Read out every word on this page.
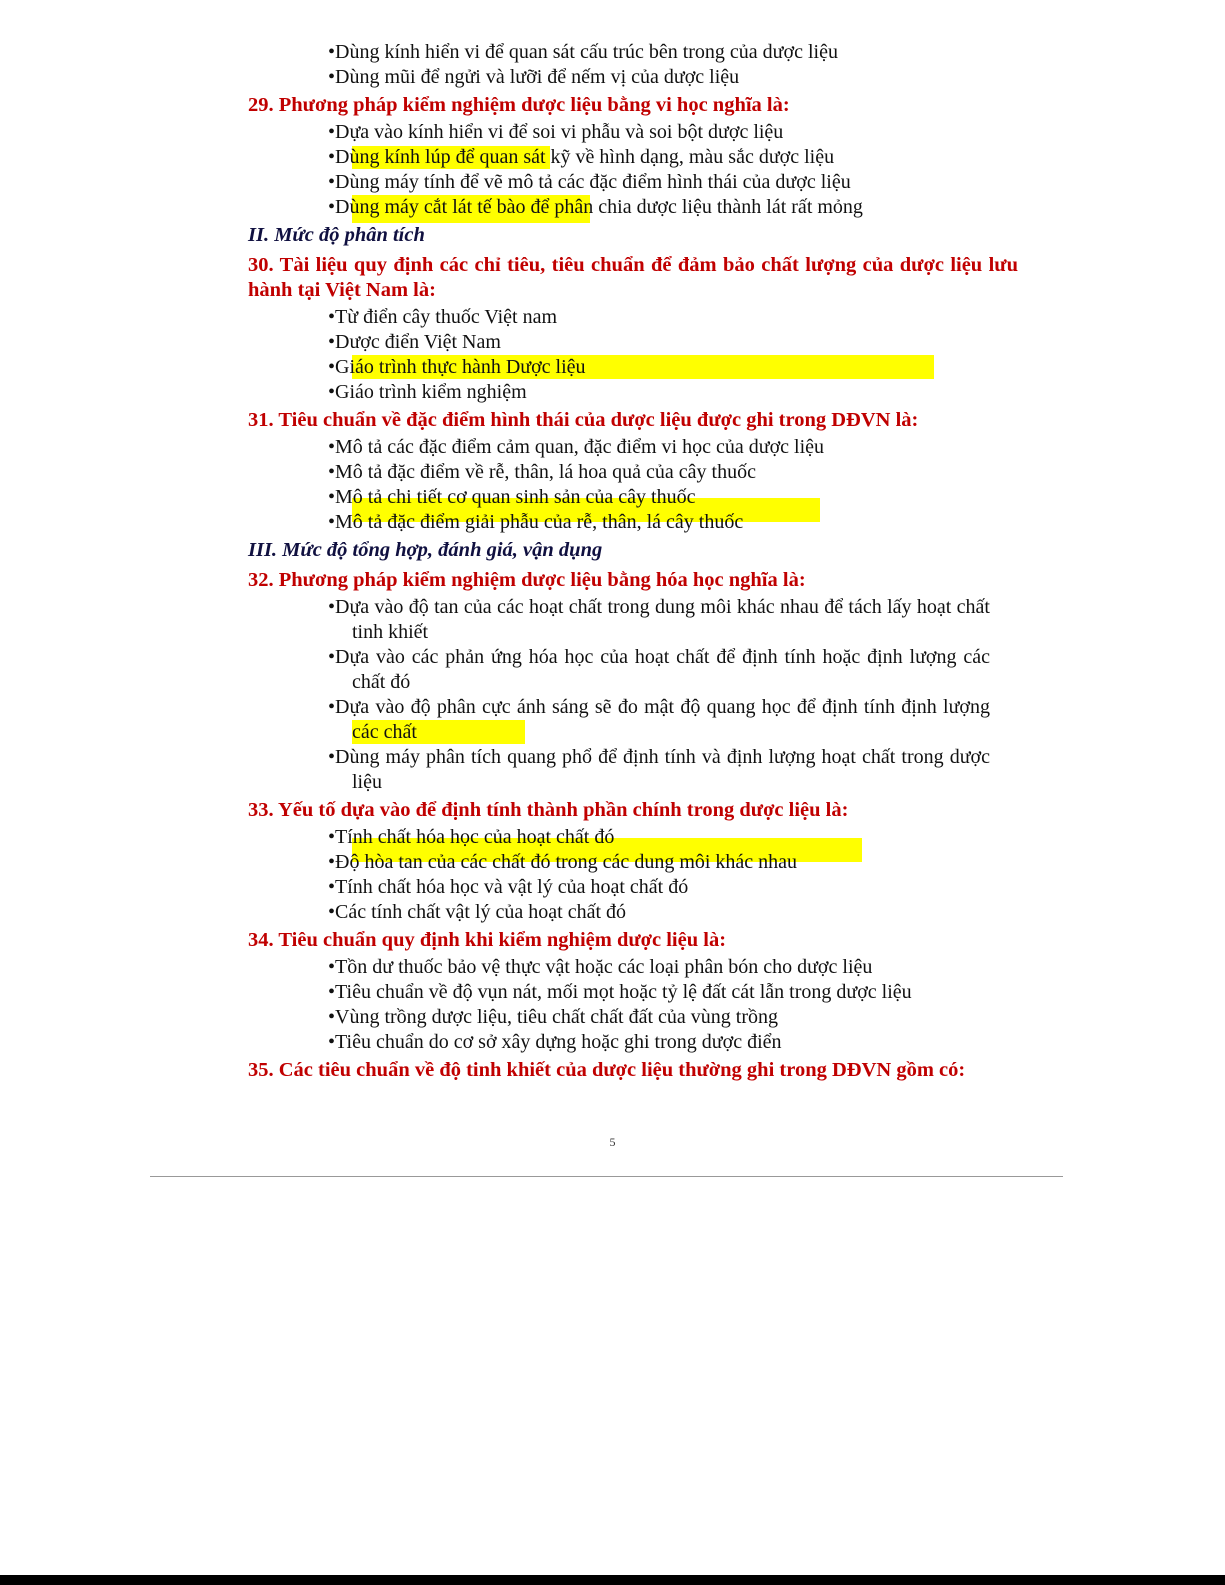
•Dùng kính hiển vi để quan sát cấu trúc bên trong của dược liệu
•Dùng mũi để ngửi và lưỡi để nếm vị của dược liệu
29. Phương pháp kiểm nghiệm dược liệu bằng vi học nghĩa là:
•Dựa vào kính hiển vi để soi vi phẫu và soi bột dược liệu
•Dùng kính lúp để quan sát kỹ về hình dạng, màu sắc dược liệu
•Dùng máy tính để vẽ mô tả các đặc điểm hình thái của dược liệu
•Dùng máy cắt lát tế bào để phân chia dược liệu thành lát rất mỏng
II. Mức độ phân tích
30. Tài liệu quy định các chỉ tiêu, tiêu chuẩn để đảm bảo chất lượng của dược liệu lưu hành tại Việt Nam là:
•Từ điển cây thuốc Việt nam
•Dược điển Việt Nam
•Giáo trình thực hành Dược liệu
•Giáo trình kiểm nghiệm
31. Tiêu chuẩn về đặc điểm hình thái của dược liệu được ghi trong DĐVN là:
•Mô tả các đặc điểm cảm quan, đặc điểm vi học của dược liệu
•Mô tả đặc điểm về rễ, thân, lá hoa quả của cây thuốc
•Mô tả chi tiết cơ quan sinh sản của cây thuốc
•Mô tả đặc điểm giải phẫu của rễ, thân, lá cây thuốc
III. Mức độ tổng hợp, đánh giá, vận dụng
32. Phương pháp kiểm nghiệm dược liệu bằng hóa học nghĩa là:
•Dựa vào độ tan của các hoạt chất trong dung môi khác nhau để tách lấy hoạt chất tinh khiết
•Dựa vào các phản ứng hóa học của hoạt chất để định tính hoặc định lượng các chất đó
•Dựa vào độ phân cực ánh sáng sẽ đo mật độ quang học để định tính định lượng các chất
•Dùng máy phân tích quang phổ để định tính và định lượng hoạt chất trong dược liệu
33. Yếu tố dựa vào để định tính thành phần chính trong dược liệu là:
•Tính chất hóa học của hoạt chất đó
•Độ hòa tan của các chất đó trong các dung môi khác nhau
•Tính chất hóa học và vật lý của hoạt chất đó
•Các tính chất vật lý của hoạt chất đó
34. Tiêu chuẩn quy định khi kiểm nghiệm dược liệu là:
•Tồn dư thuốc bảo vệ thực vật hoặc các loại phân bón cho dược liệu
•Tiêu chuẩn về độ vụn nát, mối mọt hoặc tỷ lệ đất cát lẫn trong dược liệu
•Vùng trồng dược liệu, tiêu chất chất đất của vùng trồng
•Tiêu chuẩn do cơ sở xây dựng hoặc ghi trong dược điển
35. Các tiêu chuẩn về độ tinh khiết của dược liệu thường ghi trong DĐVN gồm có:
5
